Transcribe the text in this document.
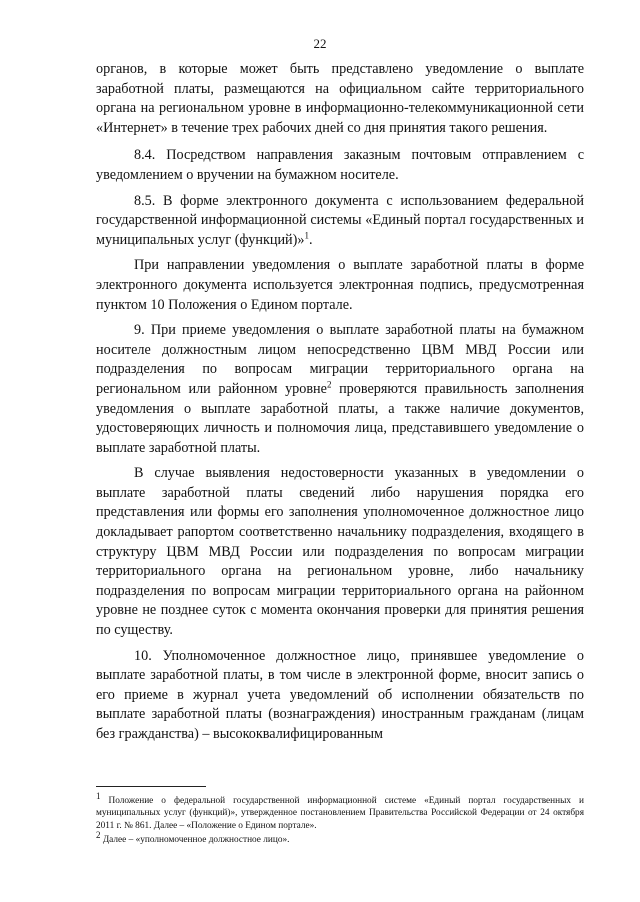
22

органов, в которые может быть представлено уведомление о выплате заработной платы, размещаются на официальном сайте территориального органа на региональном уровне в информационно-телекоммуникационной сети «Интернет» в течение трех рабочих дней со дня принятия такого решения.

8.4. Посредством направления заказным почтовым отправлением с уведомлением о вручении на бумажном носителе.

8.5. В форме электронного документа с использованием федеральной государственной информационной системы «Единый портал государственных и муниципальных услуг (функций)»$^1$.

При направлении уведомления о выплате заработной платы в форме электронного документа используется электронная подпись, предусмотренная пунктом 10 Положения о Едином портале.

9. При приеме уведомления о выплате заработной платы на бумажном носителе должностным лицом непосредственно ЦВМ МВД России или подразделения по вопросам миграции территориального органа на региональном или районном уровне$^2$ проверяются правильность заполнения уведомления о выплате заработной платы, а также наличие документов, удостоверяющих личность и полномочия лица, представившего уведомление о выплате заработной платы.

В случае выявления недостоверности указанных в уведомлении о выплате заработной платы сведений либо нарушения порядка его представления или формы его заполнения уполномоченное должностное лицо докладывает рапортом соответственно начальнику подразделения, входящего в структуру ЦВМ МВД России или подразделения по вопросам миграции территориального органа на региональном уровне, либо начальнику подразделения по вопросам миграции территориального органа на районном уровне не позднее суток с момента окончания проверки для принятия решения по существу.

10. Уполномоченное должностное лицо, принявшее уведомление о выплате заработной платы, в том числе в электронной форме, вносит запись о его приеме в журнал учета уведомлений об исполнении обязательств по выплате заработной платы (вознаграждения) иностранным гражданам (лицам без гражданства) – высококвалифицированным

$^1$ Положение о федеральной государственной информационной системе «Единый портал государственных и муниципальных услуг (функций)», утвержденное постановлением Правительства Российской Федерации от 24 октября 2011 г. № 861. Далее – «Положение о Едином портале».

$^2$ Далее – «уполномоченное должностное лицо».
